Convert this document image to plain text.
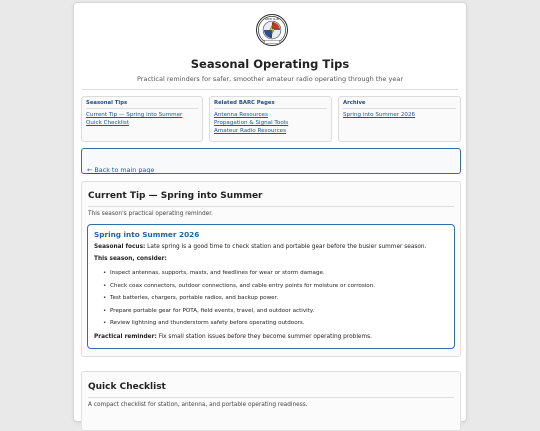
RADIO CLUB
Seasonal Operating Tips
Practical reminders for safer, smoother amateur radio operating through the year
Seasonal Tips
Current Tip — Spring into Summer
Quick Checklist
Related BARC Pages
Antenna Resources
Propagation & Signal Tools
Amateur Radio Resources
Archive
Spring into Summer 2026
← Back to main page
Current Tip — Spring into Summer
This season's practical operating reminder.
Spring into Summer 2026

Seasonal focus: Late spring is a good time to check station and portable gear before the busier summer season.

This season, consider:

• Inspect antennas, supports, masts, and feedlines for wear or storm damage.
• Check coax connectors, outdoor connections, and cable entry points for moisture or corrosion.
• Test batteries, chargers, portable radios, and backup power.
• Prepare portable gear for POTA, field events, travel, and outdoor activity.
• Review lightning and thunderstorm safety before operating outdoors.

Practical reminder: Fix small station issues before they become summer operating problems.

Quick Checklist
A compact checklist for station, antenna, and portable operating readiness.
